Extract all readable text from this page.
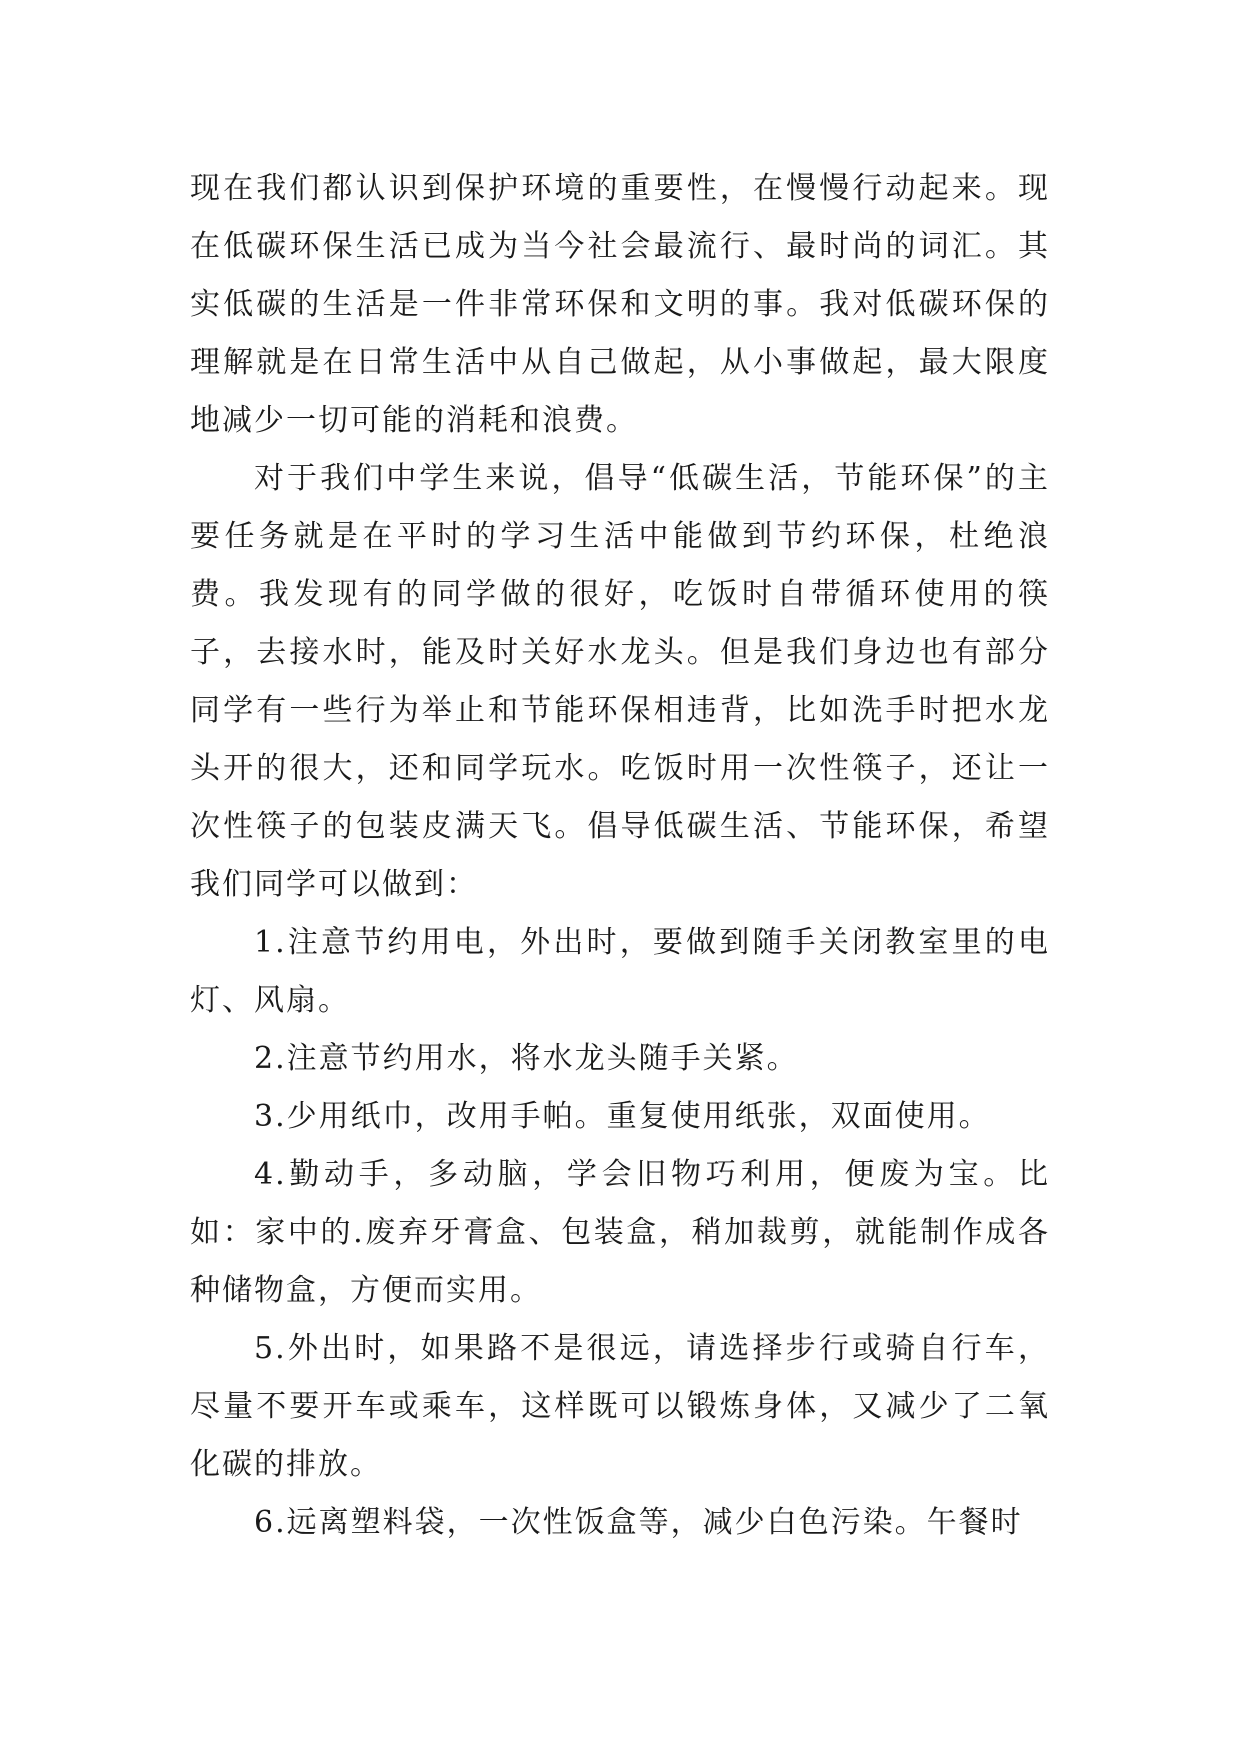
现在我们都认识到保护环境的重要性，在慢慢行动起来。现在低碳环保生活已成为当今社会最流行、最时尚的词汇。其实低碳的生活是一件非常环保和文明的事。我对低碳环保的理解就是在日常生活中从自己做起，从小事做起，最大限度地减少一切可能的消耗和浪费。

对于我们中学生来说，倡导“低碳生活，节能环保”的主要任务就是在平时的学习生活中能做到节约环保，杜绝浪费。我发现有的同学做的很好，吃饭时自带循环使用的筷子，去接水时，能及时关好水龙头。但是我们身边也有部分同学有一些行为举止和节能环保相违背，比如洗手时把水龙头开的很大，还和同学玩水。吃饭时用一次性筷子，还让一次性筷子的包装皮满天飞。倡导低碳生活、节能环保，希望我们同学可以做到：

1.注意节约用电，外出时，要做到随手关闭教室里的电灯、风扇。

2.注意节约用水，将水龙头随手关紧。

3.少用纸巾，改用手帕。重复使用纸张，双面使用。

4.勤动手，多动脑，学会旧物巧利用，便废为宝。比如：家中的.废弃牙膏盒、包装盒，稍加裁剪，就能制作成各种储物盒，方便而实用。

5.外出时，如果路不是很远，请选择步行或骑自行车，尽量不要开车或乘车，这样既可以锻炼身体，又减少了二氧化碳的排放。

6.远离塑料袋，一次性饭盒等，减少白色污染。午餐时
